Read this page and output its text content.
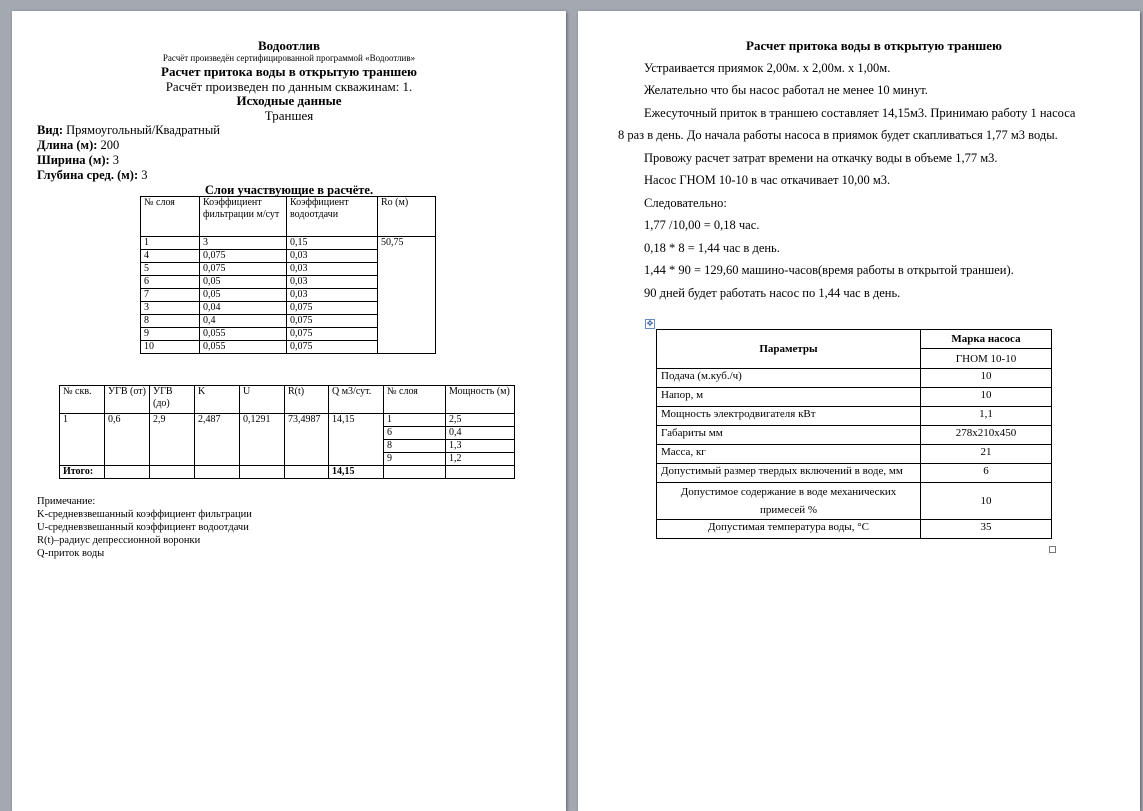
Водоотлив
Расчёт произведён сертифицированной программой «Водоотлив»
Расчет притока воды в открытую траншею
Расчёт произведен по данным скважинам: 1.
Исходные данные
Траншея
Вид: Прямоугольный/Квадратный
Длина (м): 200
Ширина (м): 3
Глубина сред. (м): 3
Слои участвующие в расчёте.
№ слоя	Коэффициент фильтрации м/сут	Коэффициент водоотдачи	Ro (м)
1	3	0,15	50,75
4	0,075	0,03	
5	0,075	0,03	
6	0,05	0,03	
7	0,05	0,03	
3	0,04	0,075	
8	0,4	0,075	
9	0,055	0,075	
10	0,055	0,075	
№ скв.	УГВ (от)	УГВ (до)	K	U	R(t)	Q м3/сут.	№ слоя	Мощность (м)
1	0,6	2,9	2,487	0,1291	73,4987	14,15	1	2,5
							6	0,4
							8	1,3
							9	1,2
Итого:						14,15		
Примечание:
K-средневзвешанный коэффициент фильтрации
U-средневзвешанный коэффициент водоотдачи
R(t)–радиус депрессионной воронки
Q-приток воды
Расчет притока воды в открытую траншею
Устраивается приямок 2,00м. х 2,00м. х 1,00м.
Желательно что бы насос работал не менее 10 минут.
Ежесуточный приток в траншею составляет 14,15м3. Принимаю работу 1 насоса
8 раз в день. До начала работы насоса в приямок будет скапливаться 1,77 м3 воды.
Провожу расчет затрат времени на откачку воды в объеме 1,77 м3.
Насос ГНОМ 10-10 в час откачивает 10,00 м3.
Следовательно:
1,77 /10,00 = 0,18 час.
0,18 * 8 = 1,44 час в день.
1,44 * 90 = 129,60 машино-часов(время работы в открытой траншеи).
90 дней будет работать насос по 1,44 час в день.
✥
Параметры	Марка насоса
	ГНОМ 10-10
Подача (м.куб./ч)	10
Напор, м	10
Мощность электродвигателя кВт	1,1
Габариты мм	278х210х450
Масса, кг	21
Допустимый размер твердых включений в воде, мм	6
Допустимое содержание в воде механических примесей %	10
Допустимая температура воды, °С	35
